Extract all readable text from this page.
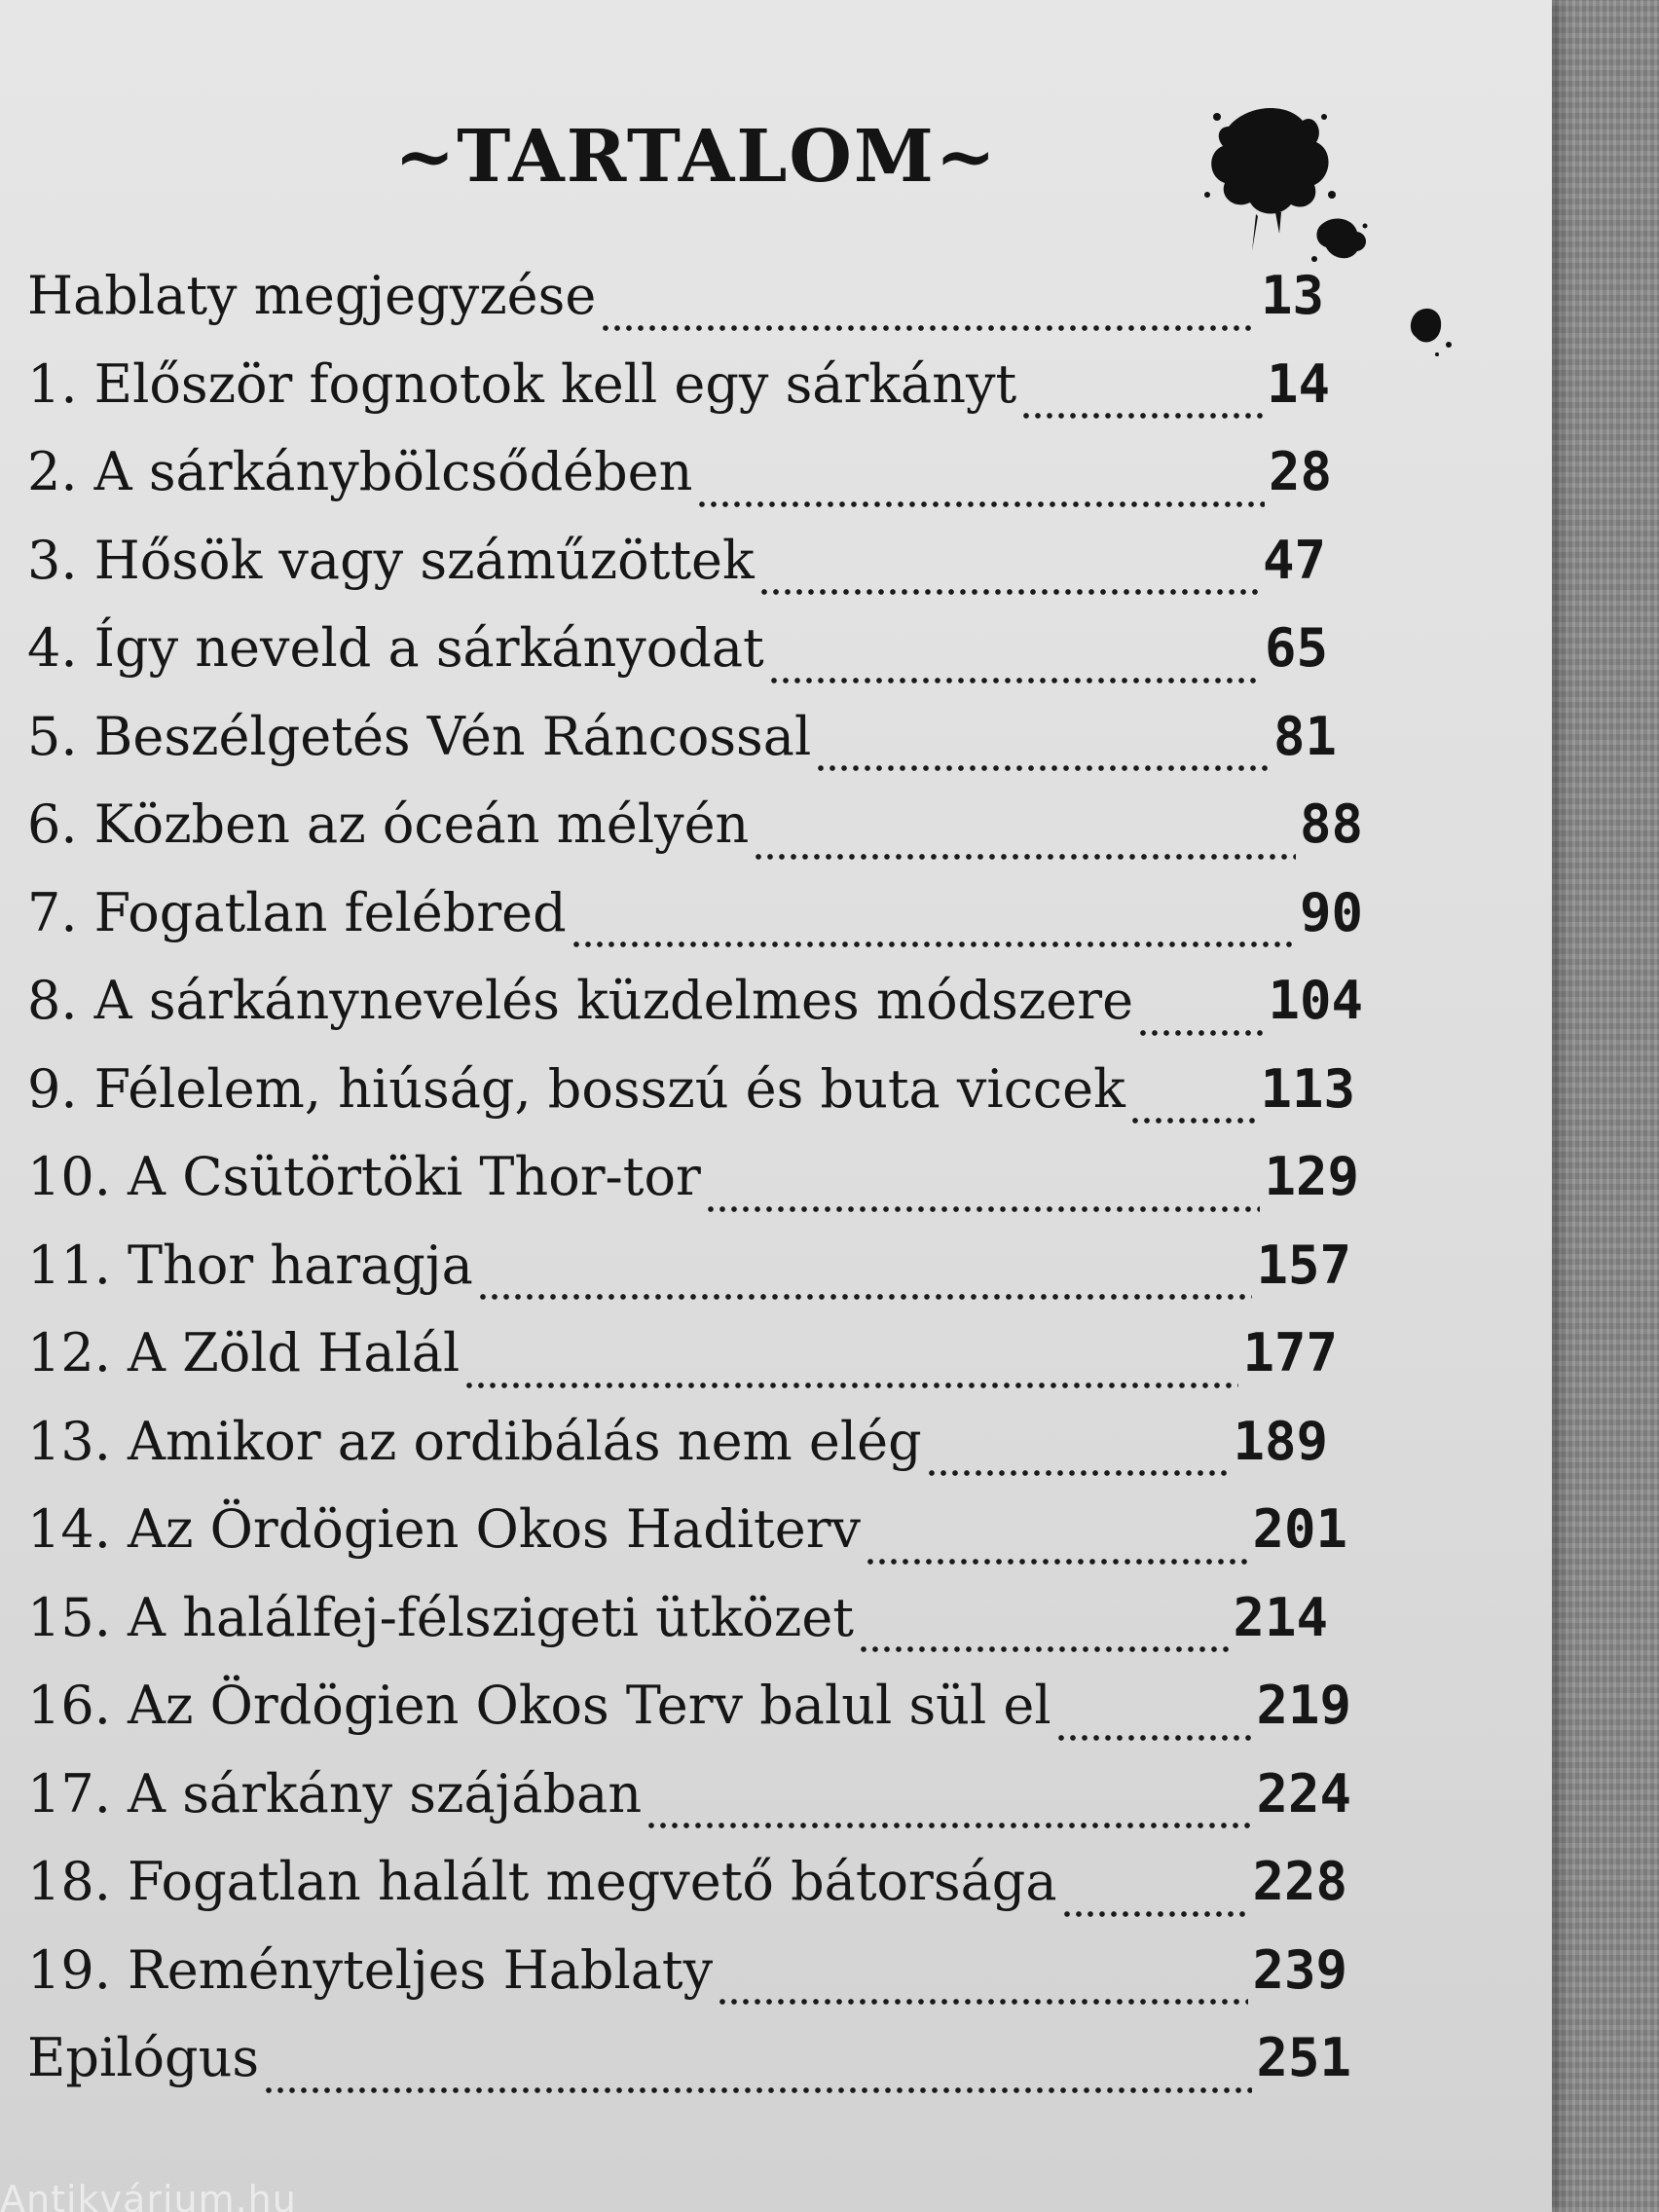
~TARTALOM~
Hablaty megjegyzése	13
1. Először fognotok kell egy sárkányt	14
2. A sárkánybölcsődében	28
3. Hősök vagy száműzöttek	47
4. Így neveld a sárkányodat	65
5. Beszélgetés Vén Ráncossal	81
6. Közben az óceán mélyén	88
7. Fogatlan felébred	90
8. A sárkánynevelés küzdelmes módszere	104
9. Félelem, hiúság, bosszú és buta viccek	113
10. A Csütörtöki Thor-tor	129
11. Thor haragja	157
12. A Zöld Halál	177
13. Amikor az ordibálás nem elég	189
14. Az Ördögien Okos Haditerv	201
15. A halálfej-félszigeti ütközet	214
16. Az Ördögien Okos Terv balul sül el	219
17. A sárkány szájában	224
18. Fogatlan halált megvető bátorsága	228
19. Reményteljes Hablaty	239
Epilógus	251
Antikvárium.hu
